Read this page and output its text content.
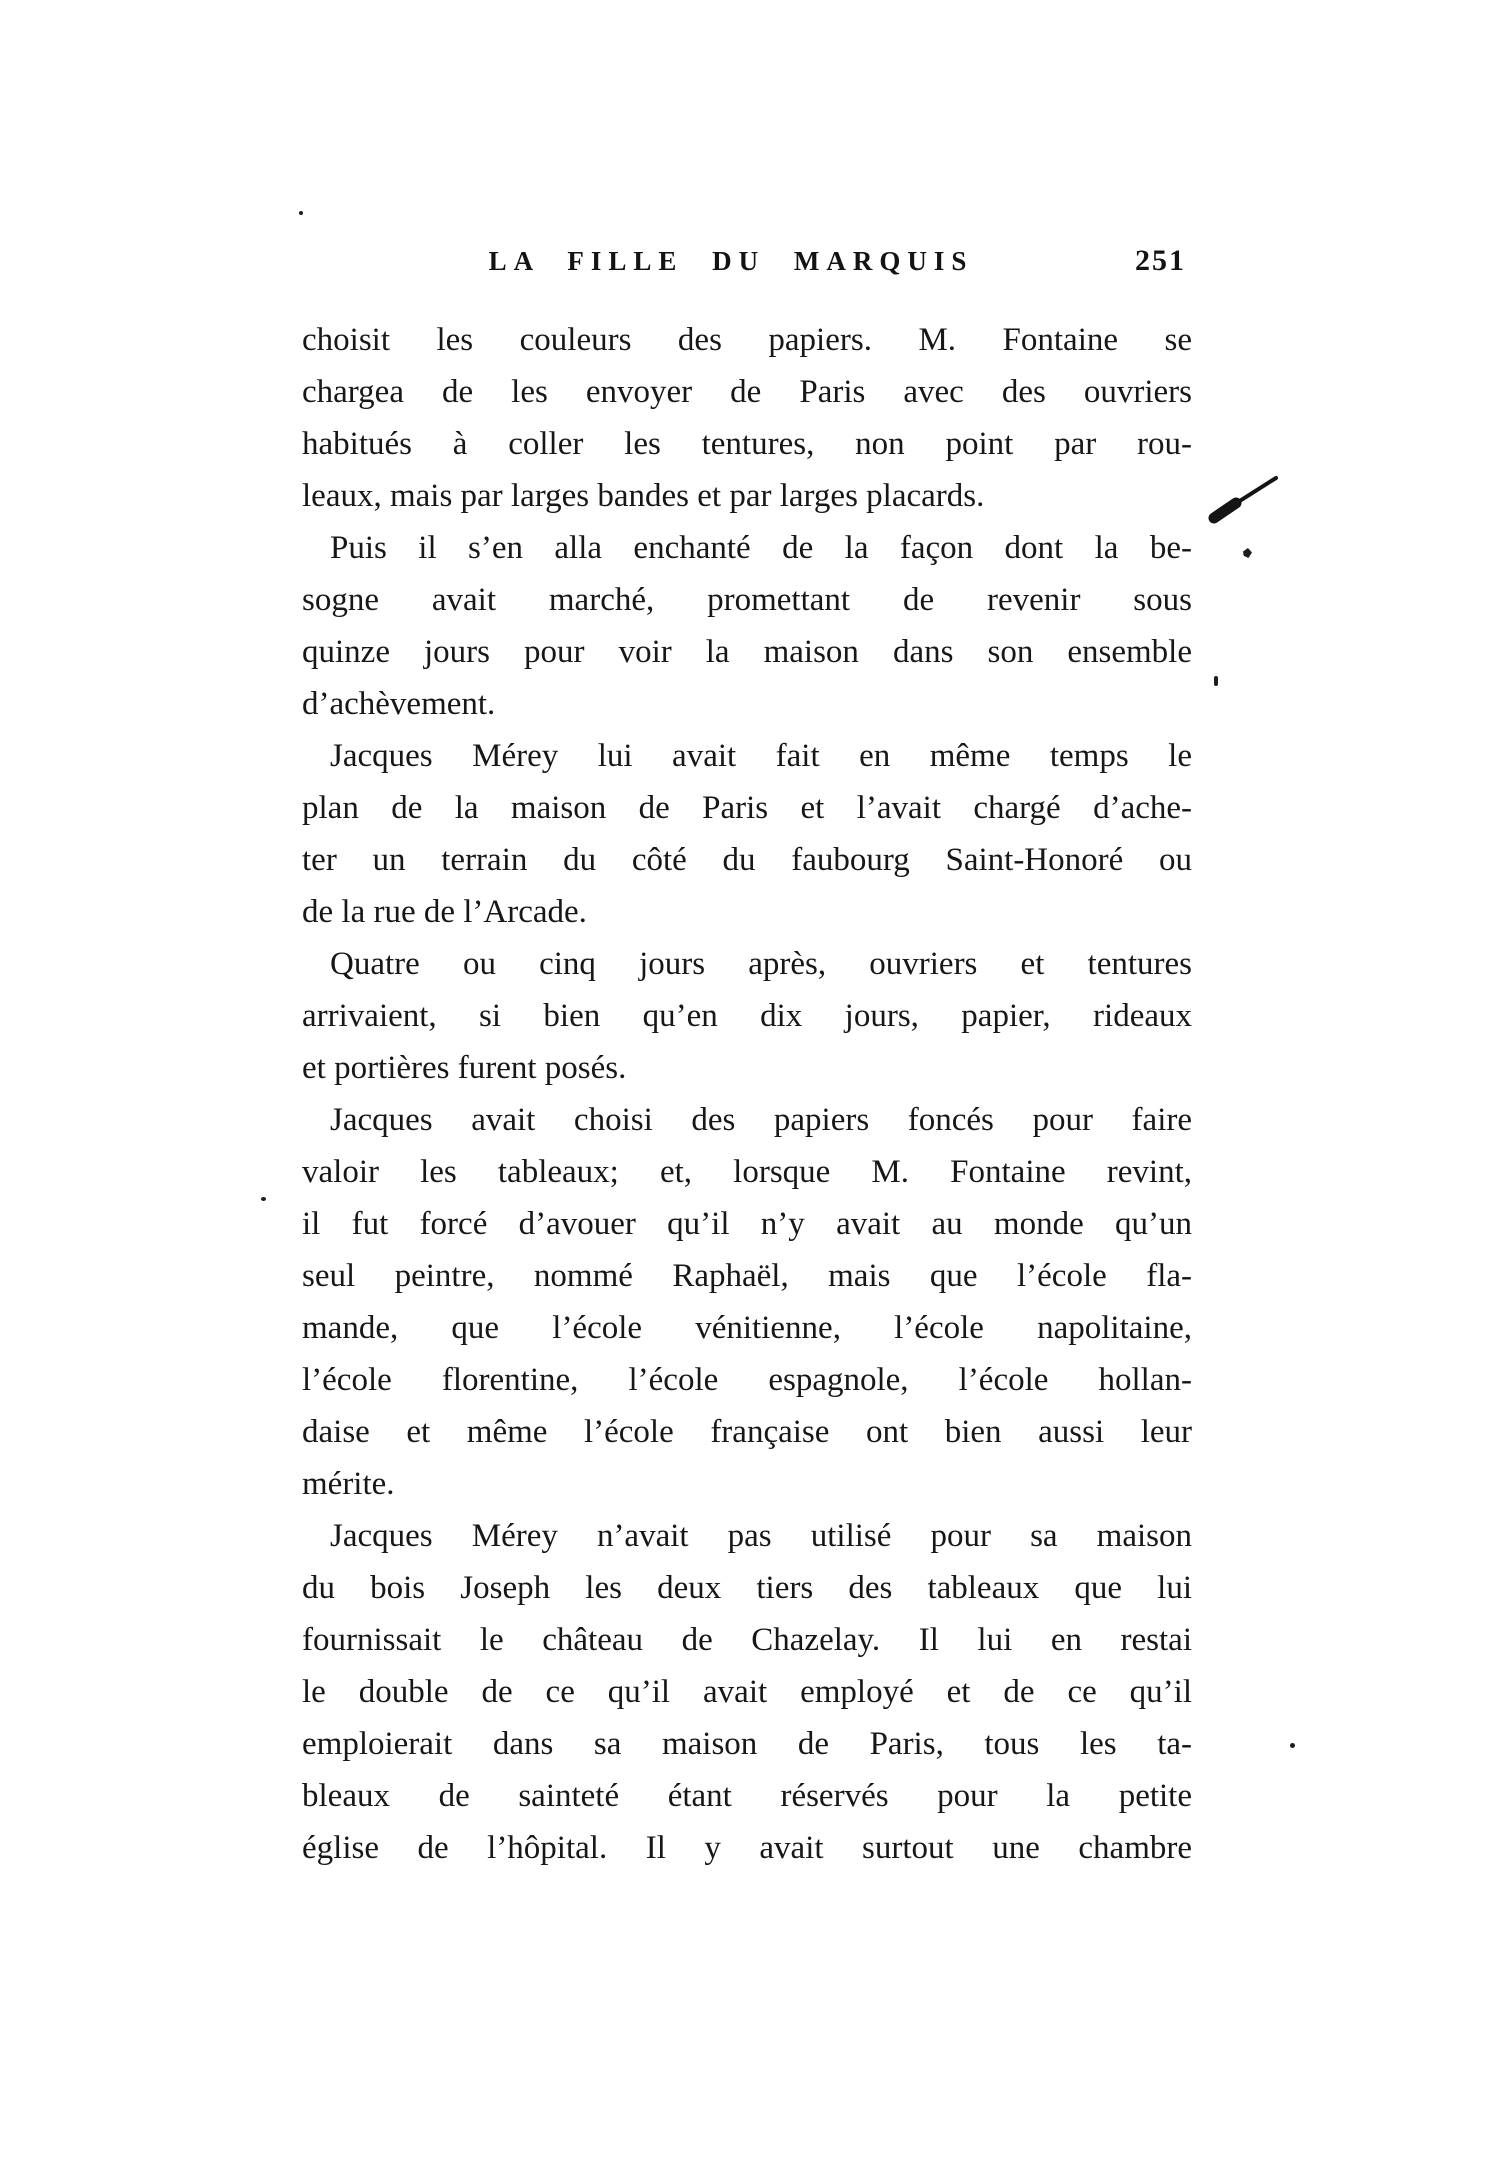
LA FILLE DU MARQUIS	251
choisit les couleurs des papiers. M. Fontaine se
chargea de les envoyer de Paris avec des ouvriers
habitués à coller les tentures, non point par rou-
leaux, mais par larges bandes et par larges placards.
Puis il s’en alla enchanté de la façon dont la be-
sogne avait marché, promettant de revenir sous
quinze jours pour voir la maison dans son ensemble
d’achèvement.
Jacques Mérey lui avait fait en même temps le
plan de la maison de Paris et l’avait chargé d’ache-
ter un terrain du côté du faubourg Saint-Honoré ou
de la rue de l’Arcade.
Quatre ou cinq jours après, ouvriers et tentures
arrivaient, si bien qu’en dix jours, papier, rideaux
et portières furent posés.
Jacques avait choisi des papiers foncés pour faire
valoir les tableaux; et, lorsque M. Fontaine revint,
il fut forcé d’avouer qu’il n’y avait au monde qu’un
seul peintre, nommé Raphaël, mais que l’école fla-
mande, que l’école vénitienne, l’école napolitaine,
l’école florentine, l’école espagnole, l’école hollan-
daise et même l’école française ont bien aussi leur
mérite.
Jacques Mérey n’avait pas utilisé pour sa maison
du bois Joseph les deux tiers des tableaux que lui
fournissait le château de Chazelay. Il lui en restai
le double de ce qu’il avait employé et de ce qu’il
emploierait dans sa maison de Paris, tous les ta-
bleaux de sainteté étant réservés pour la petite
église de l’hôpital. Il y avait surtout une chambre
